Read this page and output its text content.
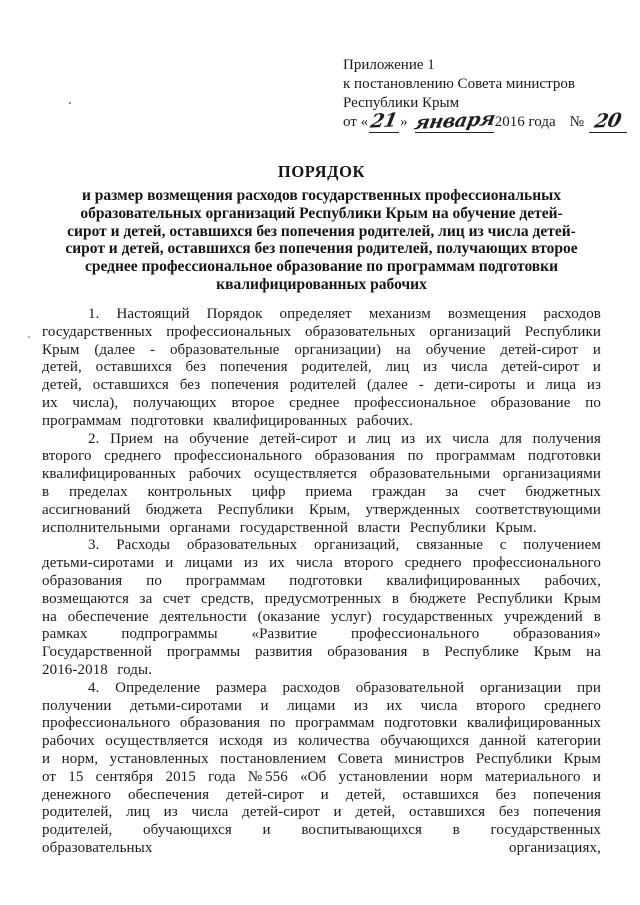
Приложение 1
к постановлению Совета министров
Республики Крым
от «21» января2016 года № 20
ПОРЯДОК
и размер возмещения расходов государственных профессиональных
образовательных организаций Республики Крым на обучение детей-
сирот и детей, оставшихся без попечения родителей, лиц из числа детей-
сирот и детей, оставшихся без попечения родителей, получающих второе
среднее профессиональное образование по программам подготовки
квалифицированных рабочих

1. Настоящий Порядок определяет механизм возмещения расходов государственных профессиональных образовательных организаций Республики Крым (далее - образовательные организации) на обучение детей-сирот и детей, оставшихся без попечения родителей, лиц из числа детей-сирот и детей, оставшихся без попечения родителей (далее - дети-сироты и лица из их числа), получающих второе среднее профессиональное образование по программам подготовки квалифицированных рабочих.

2. Прием на обучение детей-сирот и лиц из их числа для получения второго среднего профессионального образования по программам подготовки квалифицированных рабочих осуществляется образовательными организациями в пределах контрольных цифр приема граждан за счет бюджетных ассигнований бюджета Республики Крым, утвержденных соответствующими исполнительными органами государственной власти Республики Крым.

3. Расходы образовательных организаций, связанные с получением детьми-сиротами и лицами из их числа второго среднего профессионального образования по программам подготовки квалифицированных рабочих, возмещаются за счет средств, предусмотренных в бюджете Республики Крым на обеспечение деятельности (оказание услуг) государственных учреждений в рамках подпрограммы «Развитие профессионального образования» Государственной программы развития образования в Республике Крым на 2016-2018 годы.

4. Определение размера расходов образовательной организации при получении детьми-сиротами и лицами из их числа второго среднего профессионального образования по программам подготовки квалифицированных рабочих осуществляется исходя из количества обучающихся данной категории и норм, установленных постановлением Совета министров Республики Крым от 15 сентября 2015 года №556 «Об установлении норм материального и денежного обеспечения детей-сирот и детей, оставшихся без попечения родителей, лиц из числа детей-сирот и детей, оставшихся без попечения родителей, обучающихся и воспитывающихся в государственных образовательных организациях,
